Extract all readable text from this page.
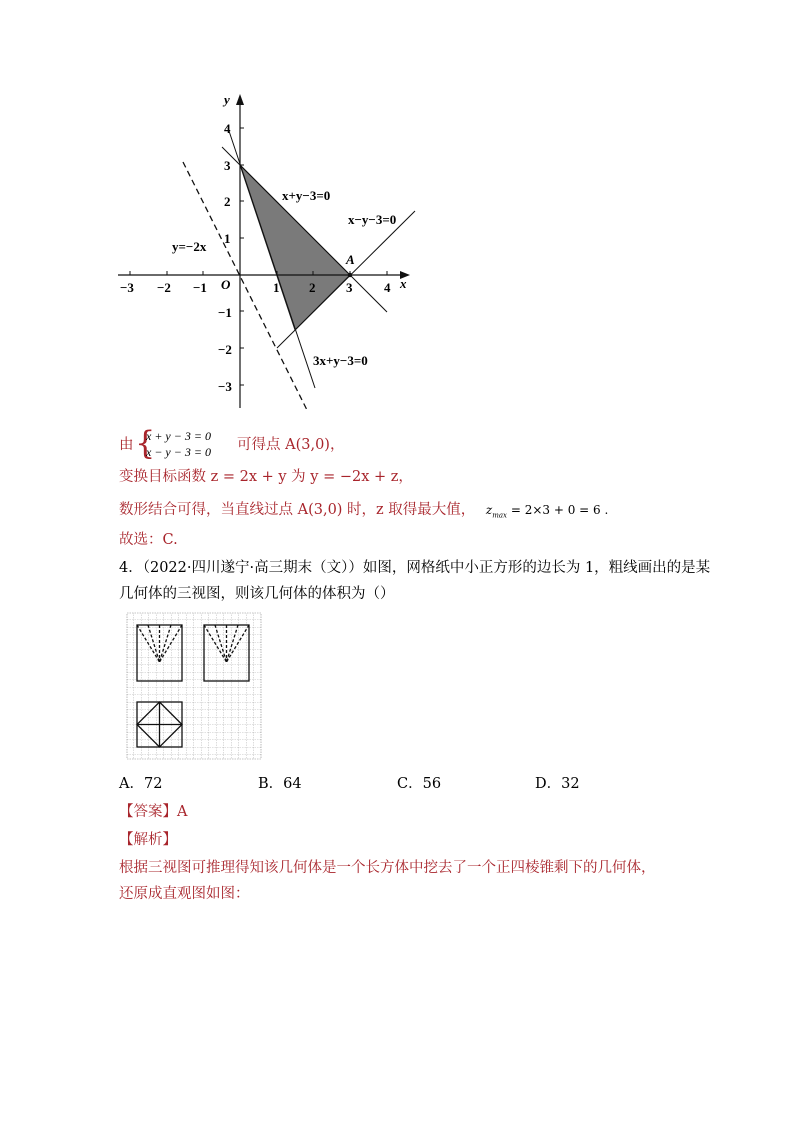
x
y
O
A
−3 −2 −1	1 2 3 4
4
3
2
1
−1
−2
−3
x+y−3=0
x−y−3=0
y=−2x
3x+y−3=0
由 {
x + y − 3 = 0
x − y − 3 = 0 可得点 A(3,0)，
变换目标函数 z = 2x + y 为 y = −2x + z，
数形结合可得，当直线过点 A(3,0) 时，z 取得最大值， $z_{max} = 2\times 3 + 0 = 6$ .
故选：C.
4．（2022·四川遂宁·高三期末（文））如图，网格纸中小正方形的边长为 1，粗线画出的是某
几何体的三视图，则该几何体的体积为（）
A．72	B．64	C．56	D．32
【答案】A
【解析】
根据三视图可推理得知该几何体是一个长方体中挖去了一个正四棱锥剩下的几何体，
还原成直观图如图：
